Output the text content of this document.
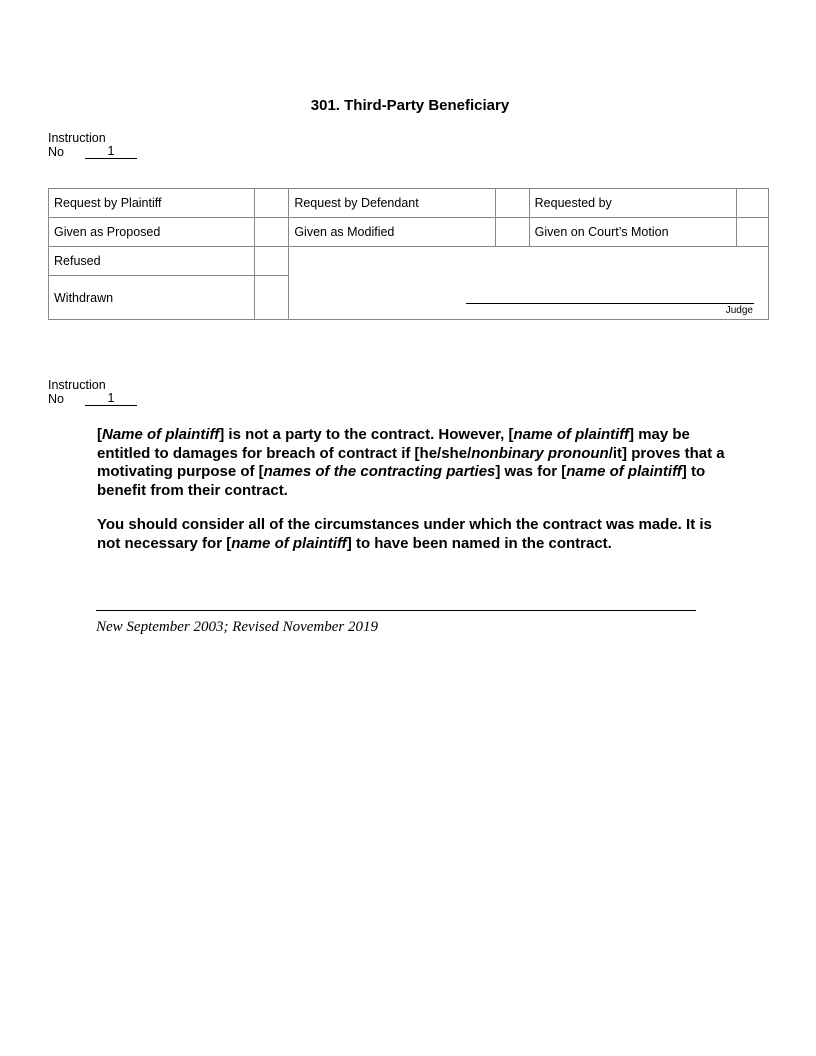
301. Third-Party Beneficiary
Instruction
No	1
Request by Plaintiff		Request by Defendant		Requested by	
Given as Proposed		Given as Modified		Given on Court’s Motion	
Refused		Judge			

Withdrawn					
Instruction
No	1

[Name of plaintiff] is not a party to the contract. However, [name of plaintiff] may be entitled to damages for breach of contract if [he/she/nonbinary pronoun/it] proves that a motivating purpose of [names of the contracting parties] was for [name of plaintiff] to benefit from their contract.

You should consider all of the circumstances under which the contract was made. It is not necessary for [name of plaintiff] to have been named in the contract.

New September 2003; Revised November 2019
